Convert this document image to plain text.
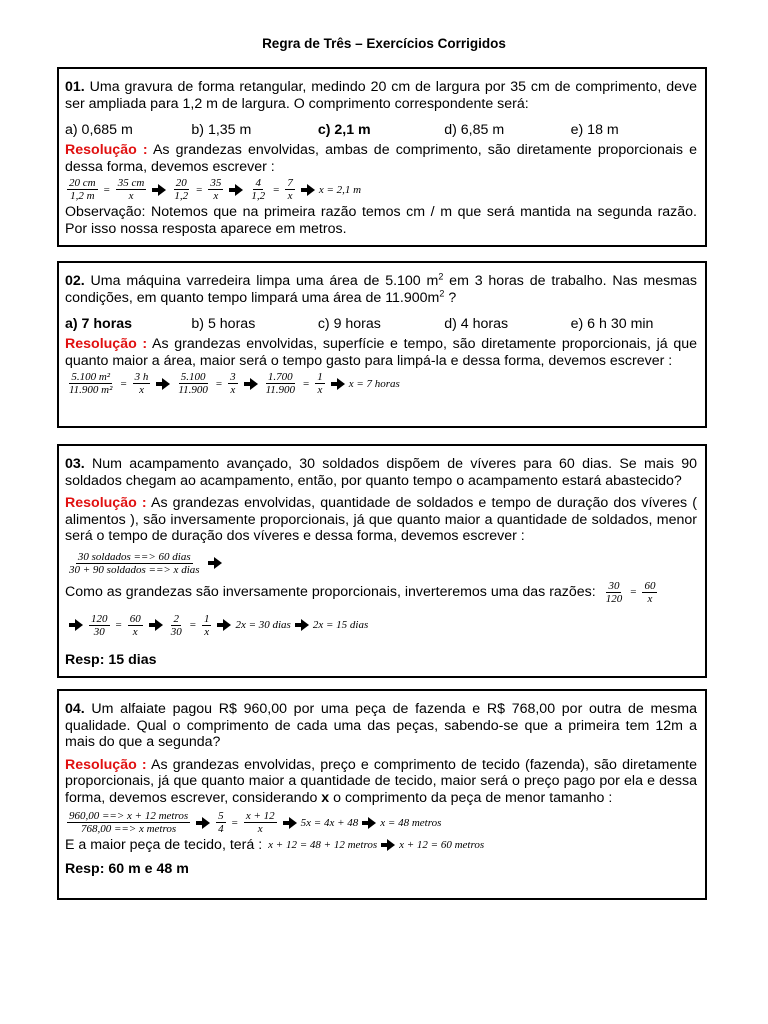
Regra de Três – Exercícios Corrigidos

01. Uma gravura de forma retangular, medindo 20 cm de largura por 35 cm de comprimento, deve ser ampliada para 1,2 m de largura. O comprimento correspondente será:

a) 0,685 m	b) 1,35 m	c) 2,1 m	d) 6,85 m	e) 18 m

Resolução : As grandezas envolvidas, ambas de comprimento, são diretamente proporcionais e dessa forma, devemos escrever :

$\frac{20 cm}{1,2 m} = \frac{35 cm}{x} \frac{20}{1,2} = \frac{35}{x} \frac{4}{1,2} = \frac{7}{x}$ x = 2,1 m

Observação: Notemos que na primeira razão temos cm / m que será mantida na segunda razão. Por isso nossa resposta aparece em metros.

02. Uma máquina varredeira limpa uma área de 5.100 $m^2$ em 3 horas de trabalho. Nas mesmas condições, em quanto tempo limpará uma área de $11.900m^2$ ?

a) 7 horas	b) 5 horas	c) 9 horas	d) 4 horas	e) 6 h 30 min

Resolução : As grandezas envolvidas, superfície e tempo, são diretamente proporcionais, já que quanto maior a área, maior será o tempo gasto para limpá-la e dessa forma, devemos escrever :

$\frac{\text{5.100 m²}}{\text{11.900 m²}} = \frac{3 h}{x} \frac{5.100}{11.900} = \frac{3}{x} \frac{1.700}{11.900} = \frac{1}{x}$ x = 7 horas

03. Num acampamento avançado, 30 soldados dispõem de víveres para 60 dias. Se mais 90 soldados chegam ao acampamento, então, por quanto tempo o acampamento estará abastecido?

Resolução : As grandezas envolvidas, quantidade de soldados e tempo de duração dos víveres ( alimentos ), são inversamente proporcionais, já que quanto maior a quantidade de soldados, menor será o tempo de duração dos víveres e dessa forma, devemos escrever :

$\frac{\text{30 soldados ==> 60 dias}}{\text{30 + 90 soldados ==> x dias}}$
Como as grandezas são inversamente proporcionais, inverteremos uma das razões: $\frac{30}{120} = \frac{60}{x}$
$\frac{120}{30} = \frac{60}{x} \frac{2}{30} = \frac{1}{x} 2x = 30$ dias 2x = 15 dias
Resp: 15 dias

04. Um alfaiate pagou R$ 960,00 por uma peça de fazenda e R$ 768,00 por outra de mesma qualidade. Qual o comprimento de cada uma das peças, sabendo-se que a primeira tem 12m a mais do que a segunda?

Resolução : As grandezas envolvidas, preço e comprimento de tecido (fazenda), são diretamente proporcionais, já que quanto maior a quantidade de tecido, maior será o preço pago por ela e dessa forma, devemos escrever, considerando x o comprimento da peça de menor tamanho :

$\frac{\text{960,00 ==> x + 12 metros}}{\text{768,00 ==> x metros}} \frac{5}{4} = \frac{x + 12}{x} 5x = 4x + 48$ x = 48 metros
E a maior peça de tecido, terá : x + 12 = 48 + 12 metros x + 12 = 60 metros
Resp: 60 m e 48 m
